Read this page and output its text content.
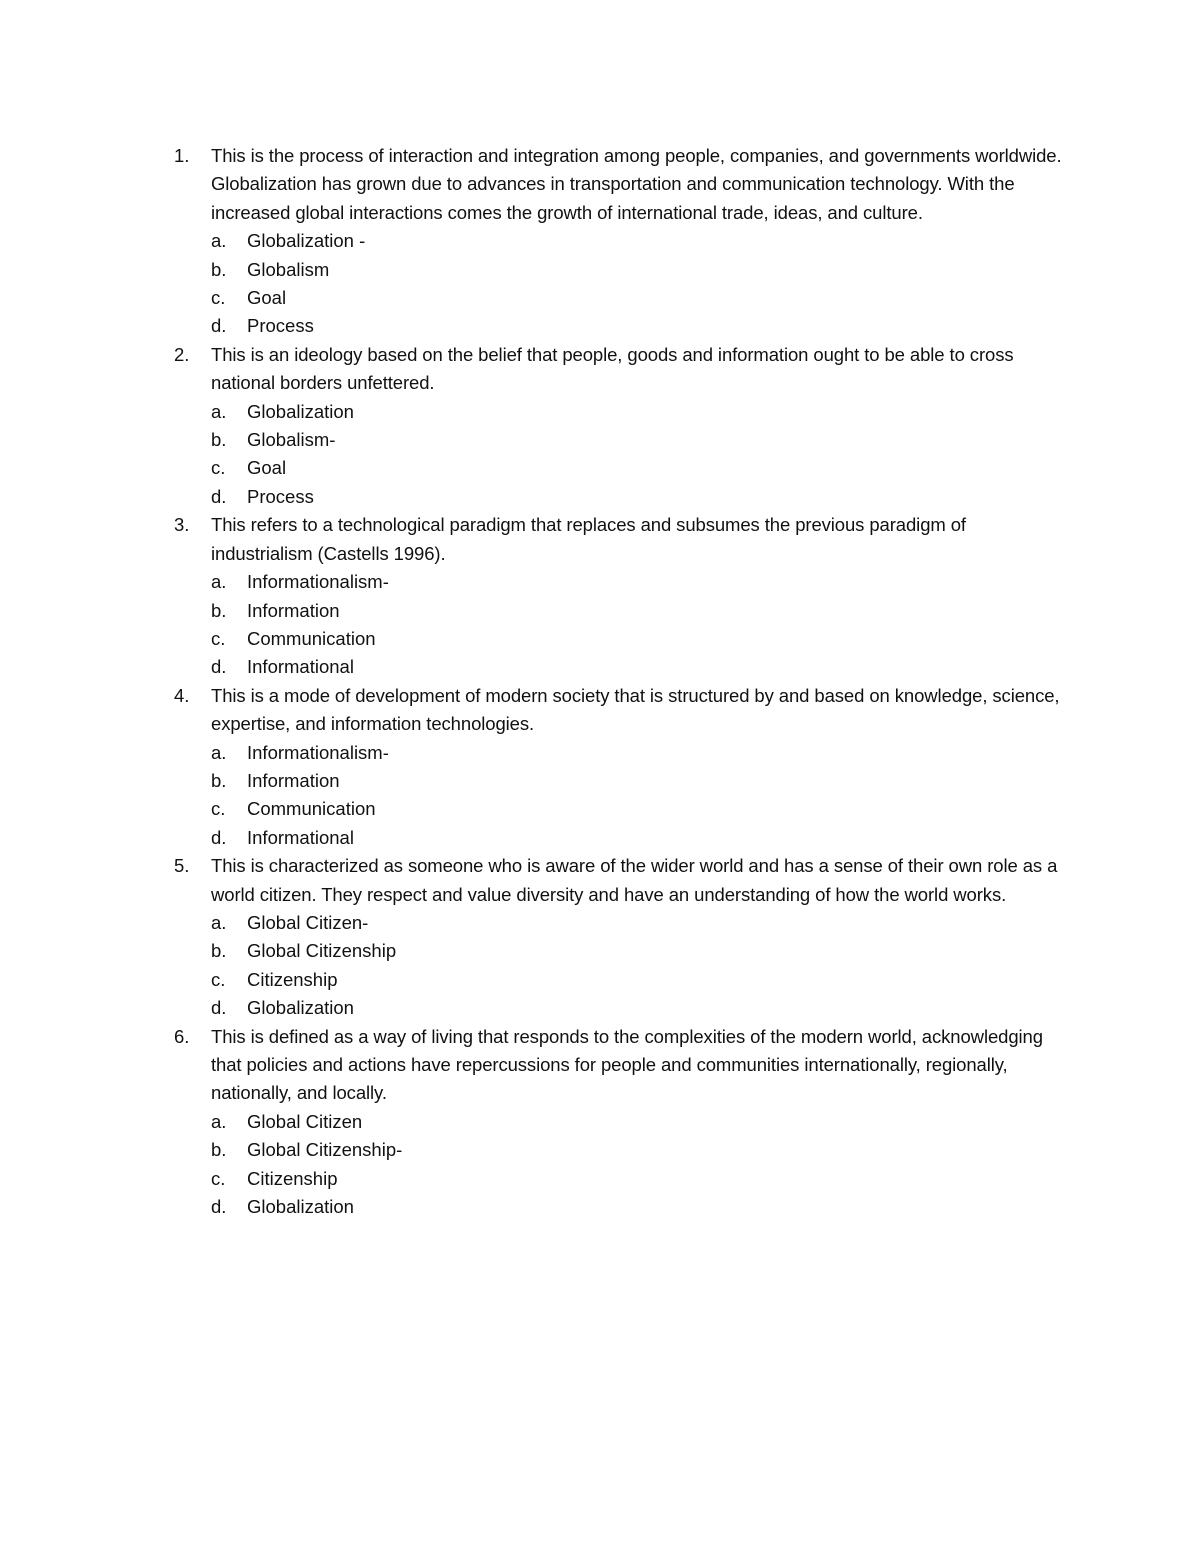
1. This is the process of interaction and integration among people, companies, and governments worldwide. Globalization has grown due to advances in transportation and communication technology. With the increased global interactions comes the growth of international trade, ideas, and culture.
a. Globalization -
b. Globalism
c. Goal
d. Process
2. This is an ideology based on the belief that people, goods and information ought to be able to cross national borders unfettered.
a. Globalization
b. Globalism-
c. Goal
d. Process
3. This refers to a technological paradigm that replaces and subsumes the previous paradigm of industrialism (Castells 1996).
a. Informationalism-
b. Information
c. Communication
d. Informational
4. This is a mode of development of modern society that is structured by and based on knowledge, science, expertise, and information technologies.
a. Informationalism-
b. Information
c. Communication
d. Informational
5. This is characterized as someone who is aware of the wider world and has a sense of their own role as a world citizen. They respect and value diversity and have an understanding of how the world works.
a. Global Citizen-
b. Global Citizenship
c. Citizenship
d. Globalization
6. This is defined as a way of living that responds to the complexities of the modern world, acknowledging that policies and actions have repercussions for people and communities internationally, regionally, nationally, and locally.
a. Global Citizen
b. Global Citizenship-
c. Citizenship
d. Globalization
